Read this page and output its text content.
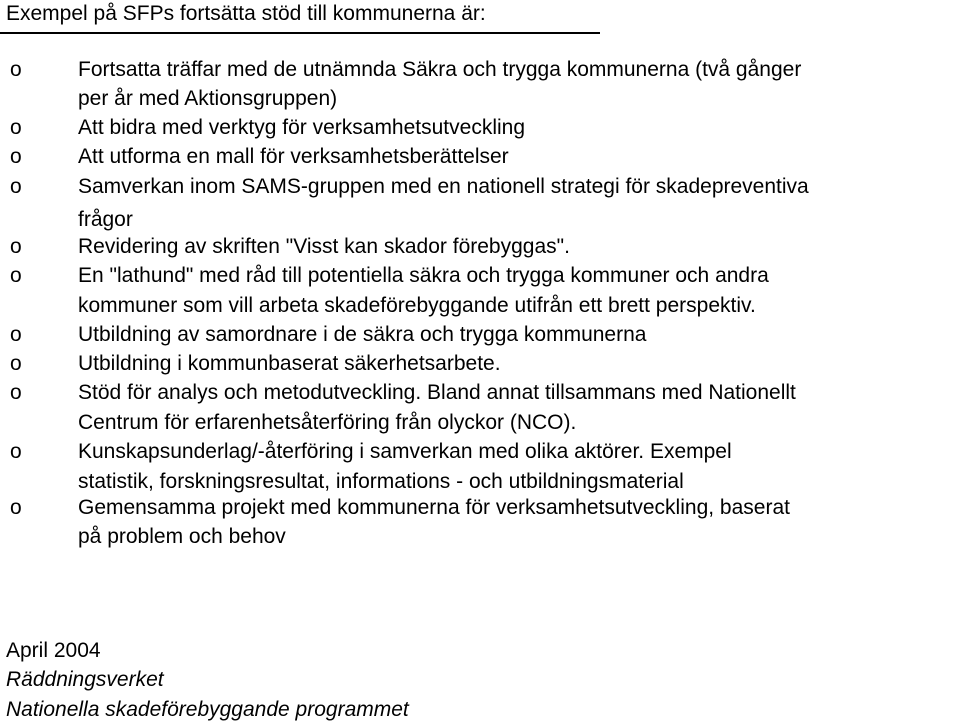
Exempel på SFPs fortsätta stöd till kommunerna är:
o	Fortsatta träffar med de utnämnda Säkra och trygga kommunerna (två gånger
per år med Aktionsgruppen)
o	Att bidra med verktyg för verksamhetsutveckling
o	Att utforma en mall för verksamhetsberättelser
o	Samverkan inom SAMS-gruppen med en nationell strategi för skadepreventiva
frågor
o	Revidering av skriften "Visst kan skador förebyggas".
o	En "lathund" med råd till potentiella säkra och trygga kommuner och andra
kommuner som vill arbeta skadeförebyggande utifrån ett brett perspektiv.
o	Utbildning av samordnare i de säkra och trygga kommunerna
o	Utbildning i kommunbaserat säkerhetsarbete.
o	Stöd för analys och metodutveckling. Bland annat tillsammans med Nationellt
Centrum för erfarenhetsåterföring från olyckor (NCO).
o	Kunskapsunderlag/-återföring i samverkan med olika aktörer. Exempel
statistik, forskningsresultat, informations - och utbildningsmaterial
o	Gemensamma projekt med kommunerna för verksamhetsutveckling, baserat
på problem och behov
April 2004
Räddningsverket
Nationella skadeförebyggande programmet
